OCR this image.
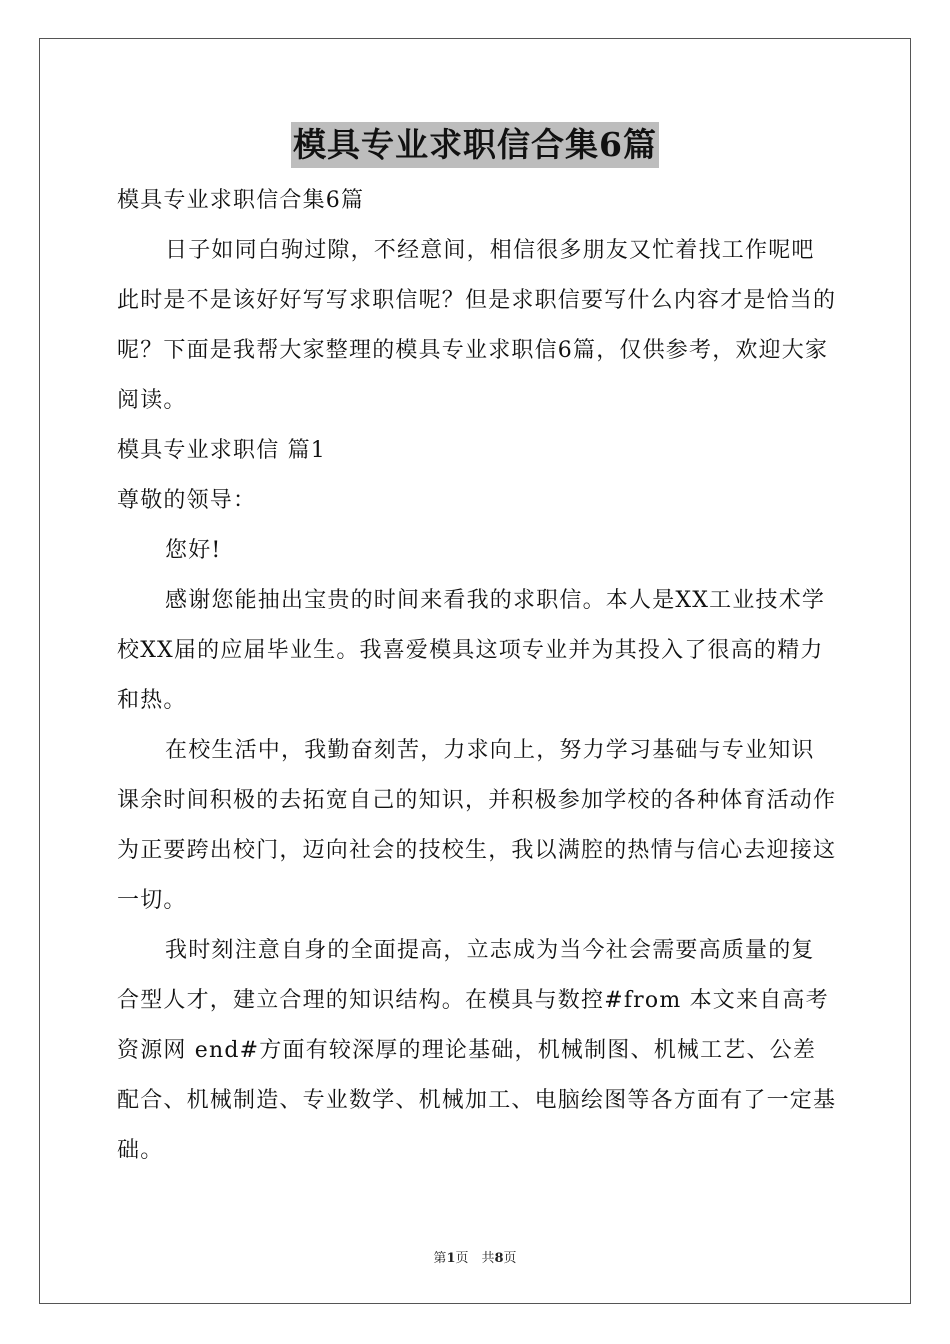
模具专业求职信合集6篇

模具专业求职信合集6篇

日子如同白驹过隙，不经意间，相信很多朋友又忙着找工作呢吧此时是不是该好好写写求职信呢？但是求职信要写什么内容才是恰当的呢？下面是我帮大家整理的模具专业求职信6篇，仅供参考，欢迎大家阅读。

模具专业求职信 篇1

尊敬的领导：

您好!

感谢您能抽出宝贵的时间来看我的求职信。本人是XX工业技术学校XX届的应届毕业生。我喜爱模具这项专业并为其投入了很高的精力和热。

在校生活中，我勤奋刻苦，力求向上，努力学习基础与专业知识课余时间积极的去拓宽自己的知识，并积极参加学校的各种体育活动作为正要跨出校门，迈向社会的技校生，我以满腔的热情与信心去迎接这一切。

我时刻注意自身的全面提高，立志成为当今社会需要高质量的复合型人才，建立合理的知识结构。在模具与数控#from 本文来自高考资源网 end#方面有较深厚的理论基础，机械制图、机械工艺、公差配合、机械制造、专业数学、机械加工、电脑绘图等各方面有了一定基础。

第1页　共8页
